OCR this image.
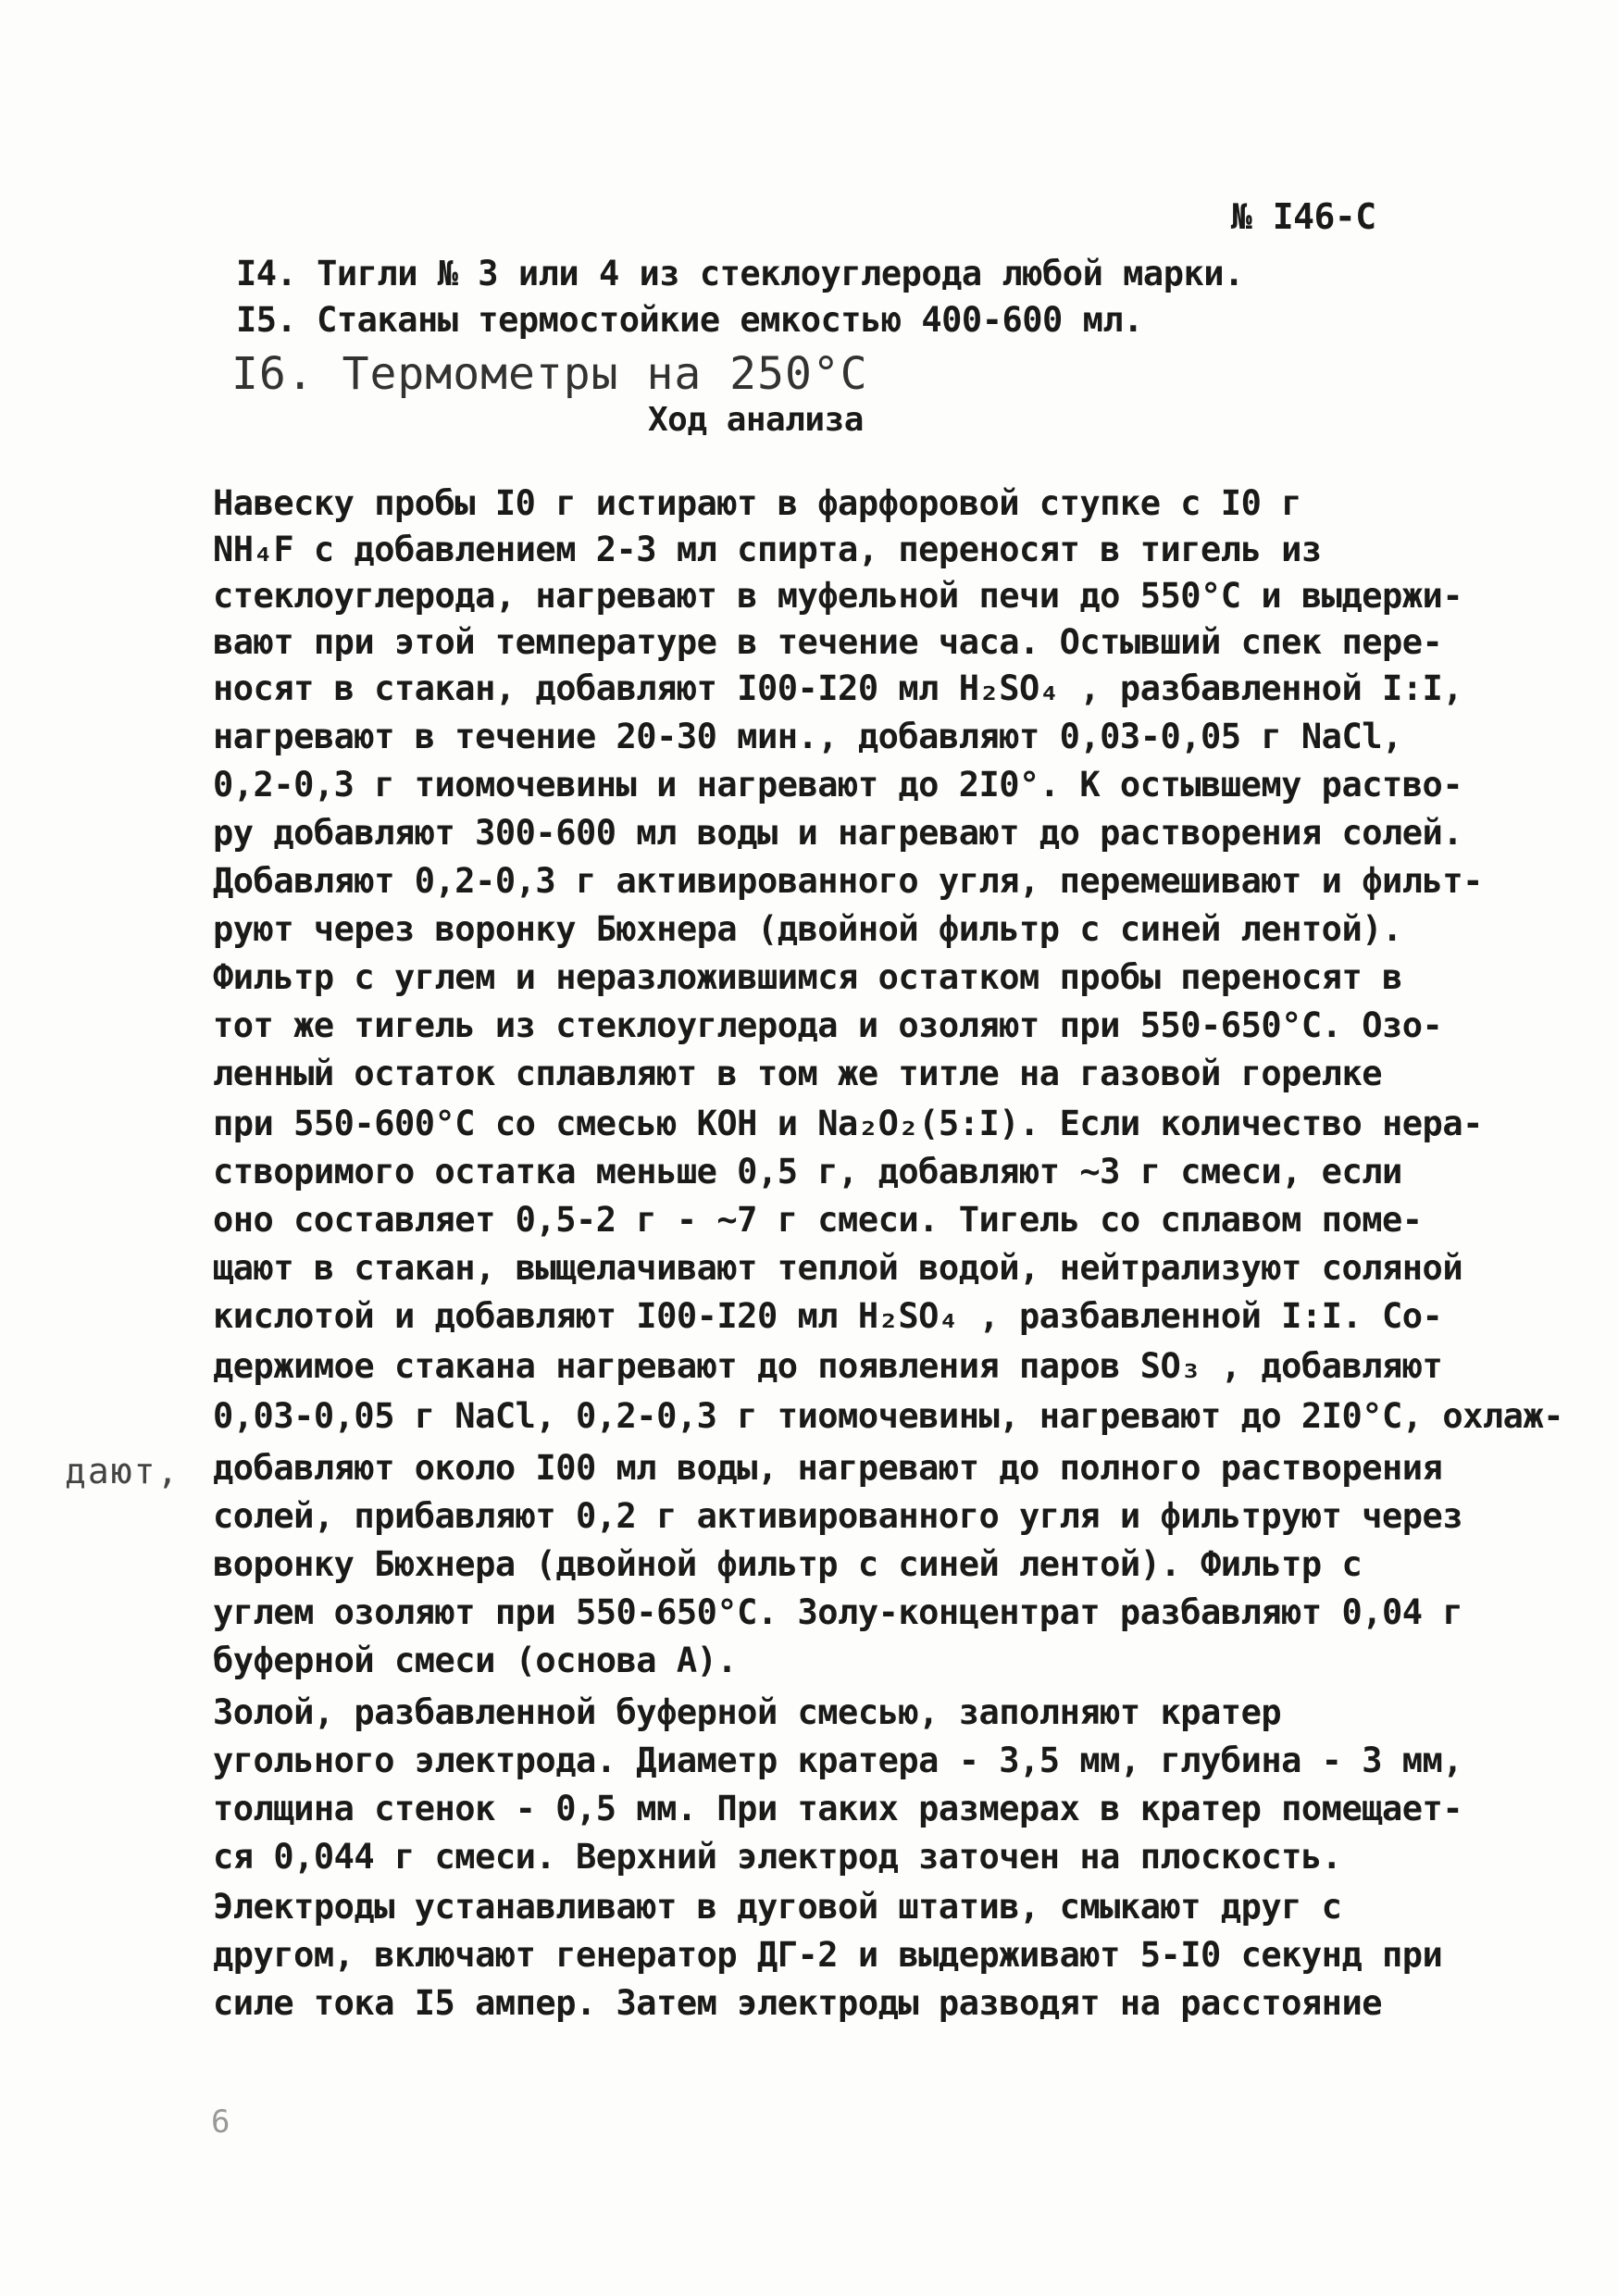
№ I46-С
I4. Тигли № 3 или 4 из стеклоуглерода любой марки.
I5. Стаканы термостойкие емкостью 400-600 мл.
I6. Термометры на 250°С
Ход анализа
Навеску пробы I0 г истирают в фарфоровой ступке с I0 г
NH₄F с добавлением 2-3 мл спирта, переносят в тигель из
стеклоуглерода, нагревают в муфельной печи до 550°С и выдержи-
вают при этой температуре в течение часа. Остывший спек пере-
носят в стакан, добавляют I00-I20 мл H₂SO₄ , разбавленной I:I,
нагревают в течение 20-30 мин., добавляют 0,03-0,05 г NaCl,
0,2-0,3 г тиомочевины и нагревают до 2I0°. К остывшему раство-
ру добавляют 300-600 мл воды и нагревают до растворения солей.
Добавляют 0,2-0,3 г активированного угля, перемешивают и фильт-
руют через воронку Бюхнера (двойной фильтр с синей лентой).
Фильтр с углем и неразложившимся остатком пробы переносят в
тот же тигель из стеклоуглерода и озоляют при 550-650°С. Озо-
ленный остаток сплавляют в том же титле на газовой горелке
при 550-600°С со смесью КОН и Na₂O₂(5:I). Если количество нера-
створимого остатка меньше 0,5 г, добавляют ~3 г смеси, если
оно составляет 0,5-2 г - ~7 г смеси. Тигель со сплавом поме-
щают в стакан, выщелачивают теплой водой, нейтрализуют соляной
кислотой и добавляют I00-I20 мл H₂SO₄ , разбавленной I:I. Со-
держимое стакана нагревают до появления паров SO₃ , добавляют
0,03-0,05 г NaCl, 0,2-0,3 г тиомочевины, нагревают до 2I0°С, охлаж-
добавляют около I00 мл воды, нагревают до полного растворения
солей, прибавляют 0,2 г активированного угля и фильтруют через
воронку Бюхнера (двойной фильтр с синей лентой). Фильтр с
углем озоляют при 550-650°С. Золу-концентрат разбавляют 0,04 г
буферной смеси (основа А).
Золой, разбавленной буферной смесью, заполняют кратер
угольного электрода. Диаметр кратера - 3,5 мм, глубина - 3 мм,
толщина стенок - 0,5 мм. При таких размерах в кратер помещает-
ся 0,044 г смеси. Верхний электрод заточен на плоскость.
Электроды устанавливают в дуговой штатив, смыкают друг с
другом, включают генератор ДГ-2 и выдерживают 5-I0 секунд при
силе тока I5 ампер. Затем электроды разводят на расстояние
дают,
6
